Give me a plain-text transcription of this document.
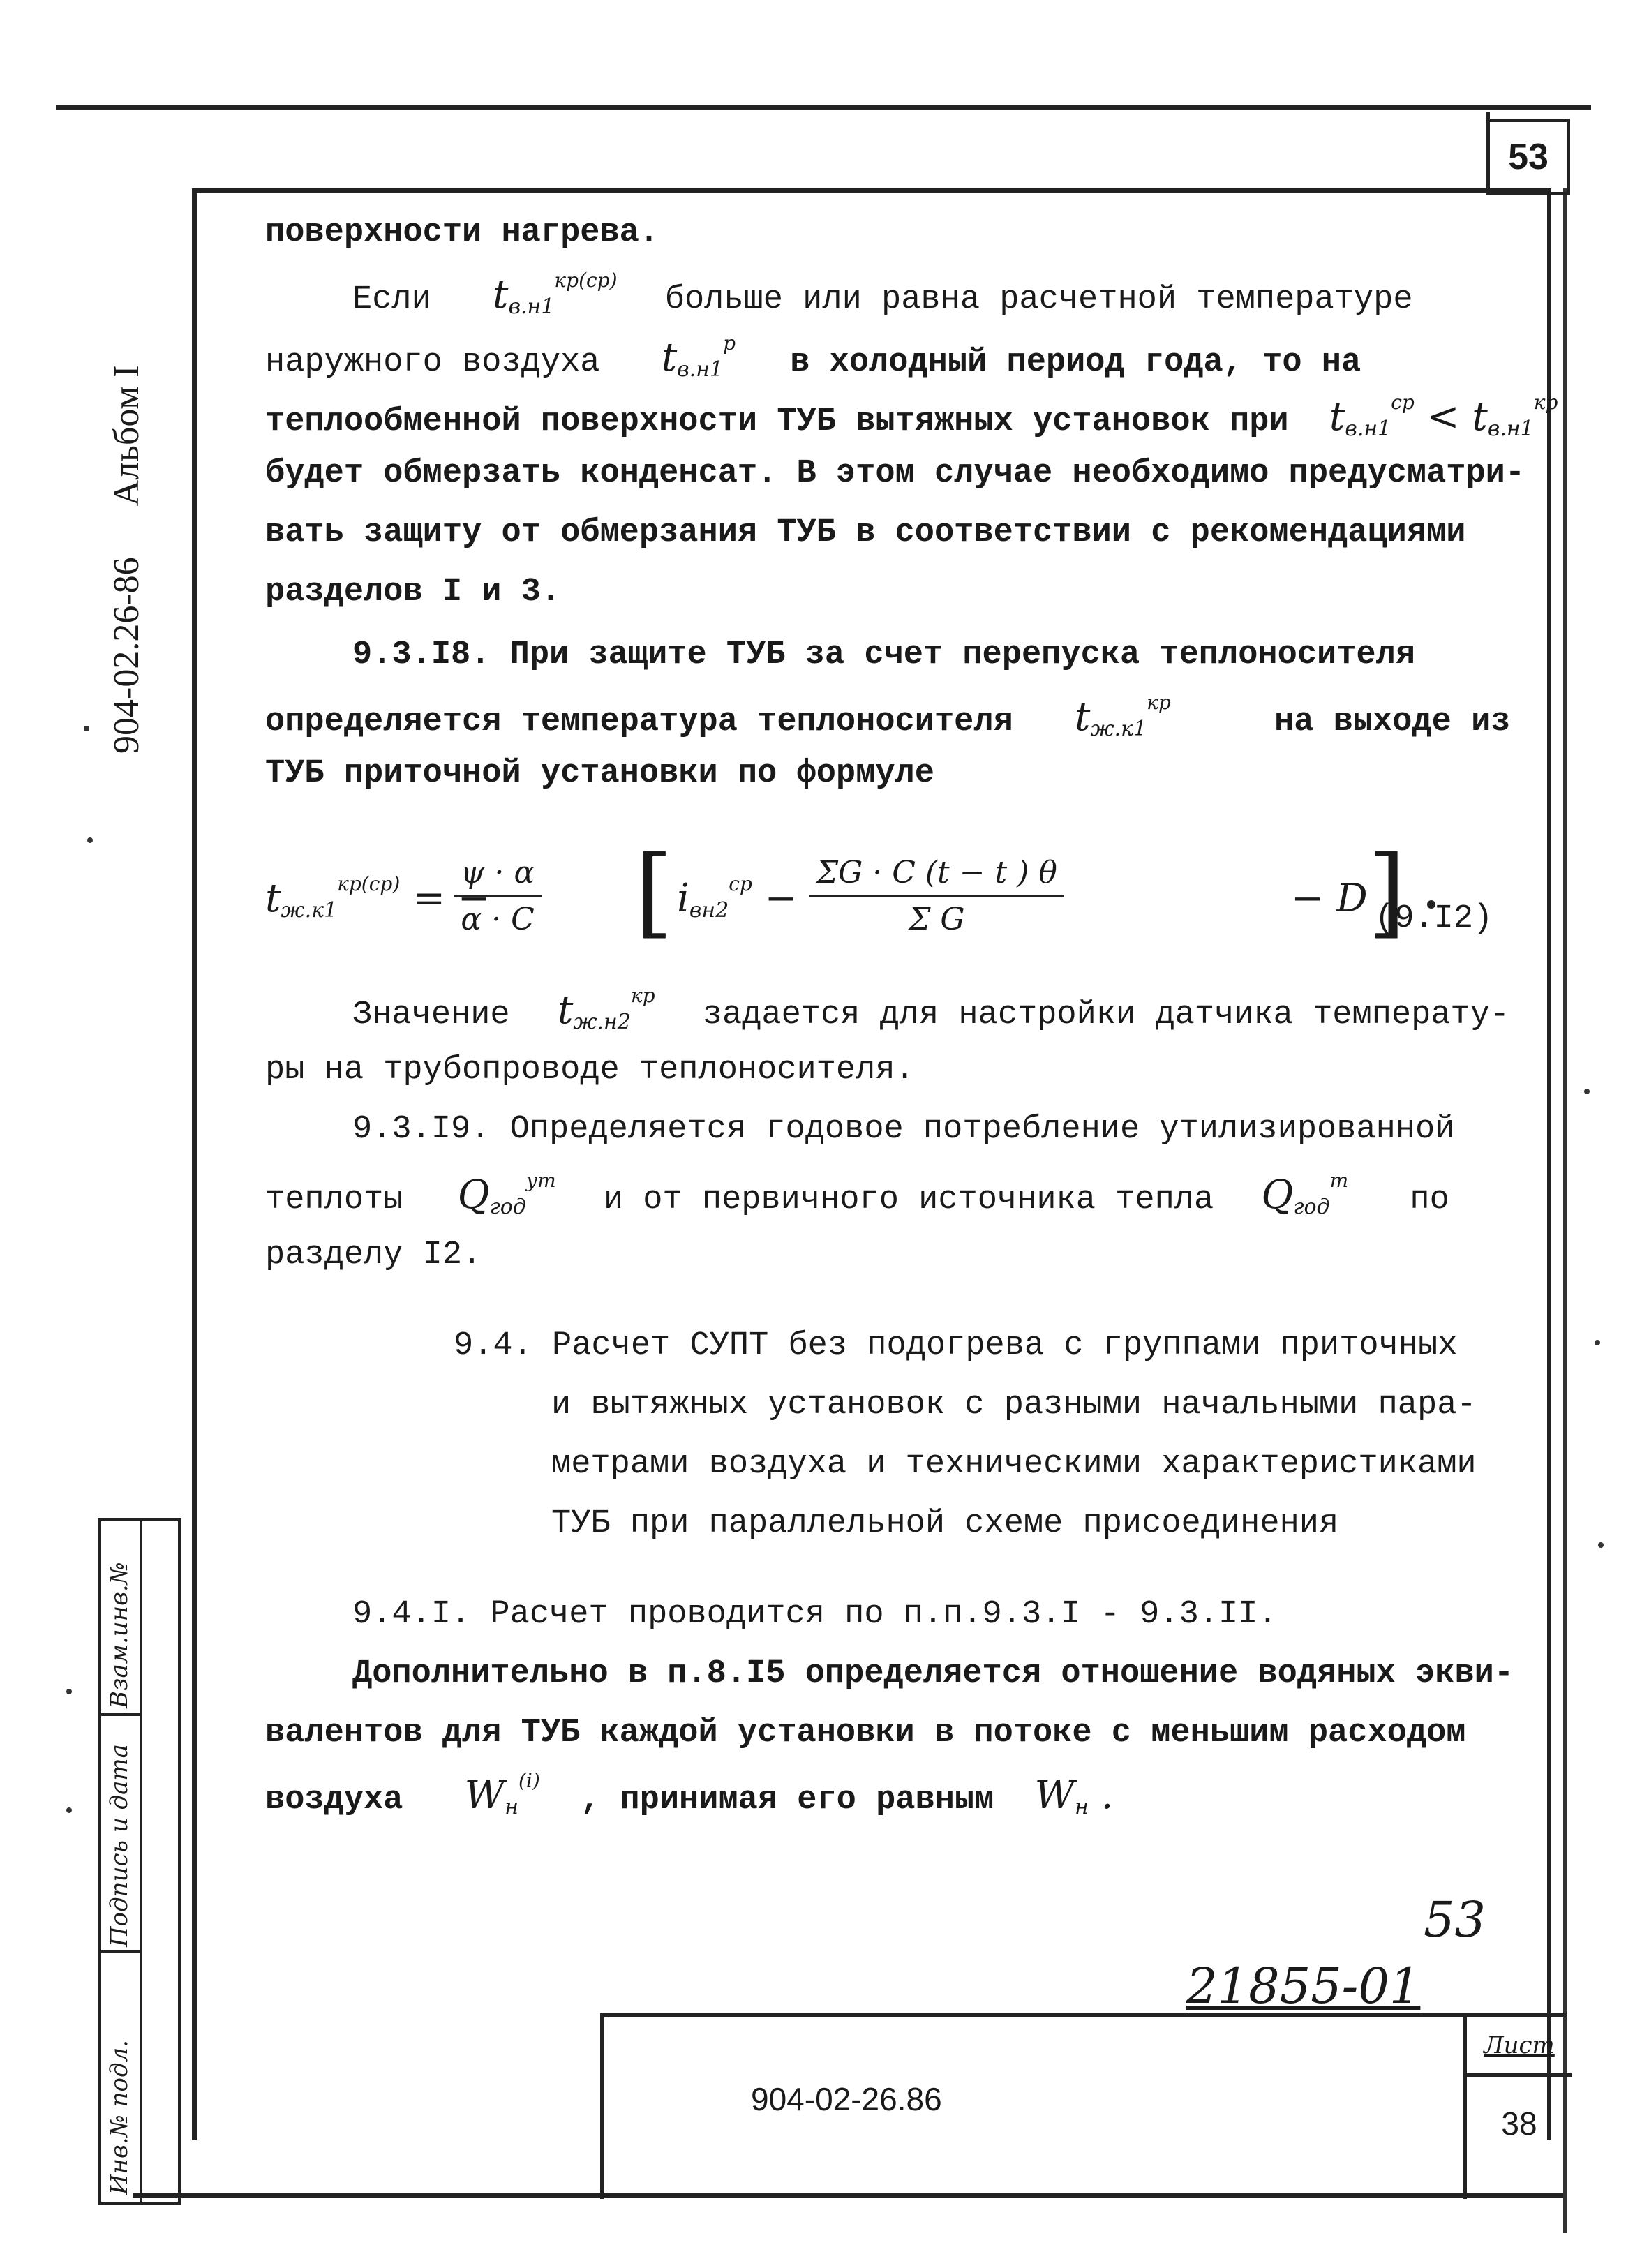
53
904-02.26-86 Альбом I
Инв.№ подл.
Подпись и дата
Взам.инв.№
поверхности нагрева.
Если $tв.н1^{кр(ср)}$ больше или равна расчетной температуре
наружного воздуха $tв.н1^р$ в холодный период года, то на
теплообменной поверхности ТУБ вытяжных установок при $tв.н1^{ср} < tв.н1^{кр}$
будет обмерзать конденсат. В этом случае необходимо предусматри-
вать защиту от обмерзания ТУБ в соответствии с рекомендациями
разделов I и 3.
9.3.I8. При защите ТУБ за счет перепуска теплоносителя
определяется температура теплоносителя $tж.к1^{кр}$ на выходе из
ТУБ приточной установки по формуле
$tж.к1^{кр(ср)}$ = −
$\frac{\psi \cdot \alpha}{\alpha \cdot C}$ [ $iвн2^{ср} - \frac{\Sigma G \cdot C (t - t ) \theta}{\text{Σ G}}$	− D ]
(9.I2)
Значение $tж.н2^{кр}$ задается для настройки датчика температу-
ры на трубопроводе теплоносителя.
9.3.I9. Определяется годовое потребление утилизированной
теплоты Qгод$^{ут}$ и от первичного источника тепла Qгод$^т$ по
разделу I2.
9.4. Расчет СУПТ без подогрева с группами приточных
и вытяжных установок с разными начальными пара-
метрами воздуха и техническими характеристиками
ТУБ при параллельной схеме присоединения
9.4.I. Расчет проводится по п.п.9.3.I - 9.3.II.
Дополнительно в п.8.I5 определяется отношение водяных экви-
валентов для ТУБ каждой установки в потоке с меньшим расходом
воздуха $Wн^{(i)}$ , принимая его равным Wн .
53
21855-01
904-02-26.86
Лист
38
